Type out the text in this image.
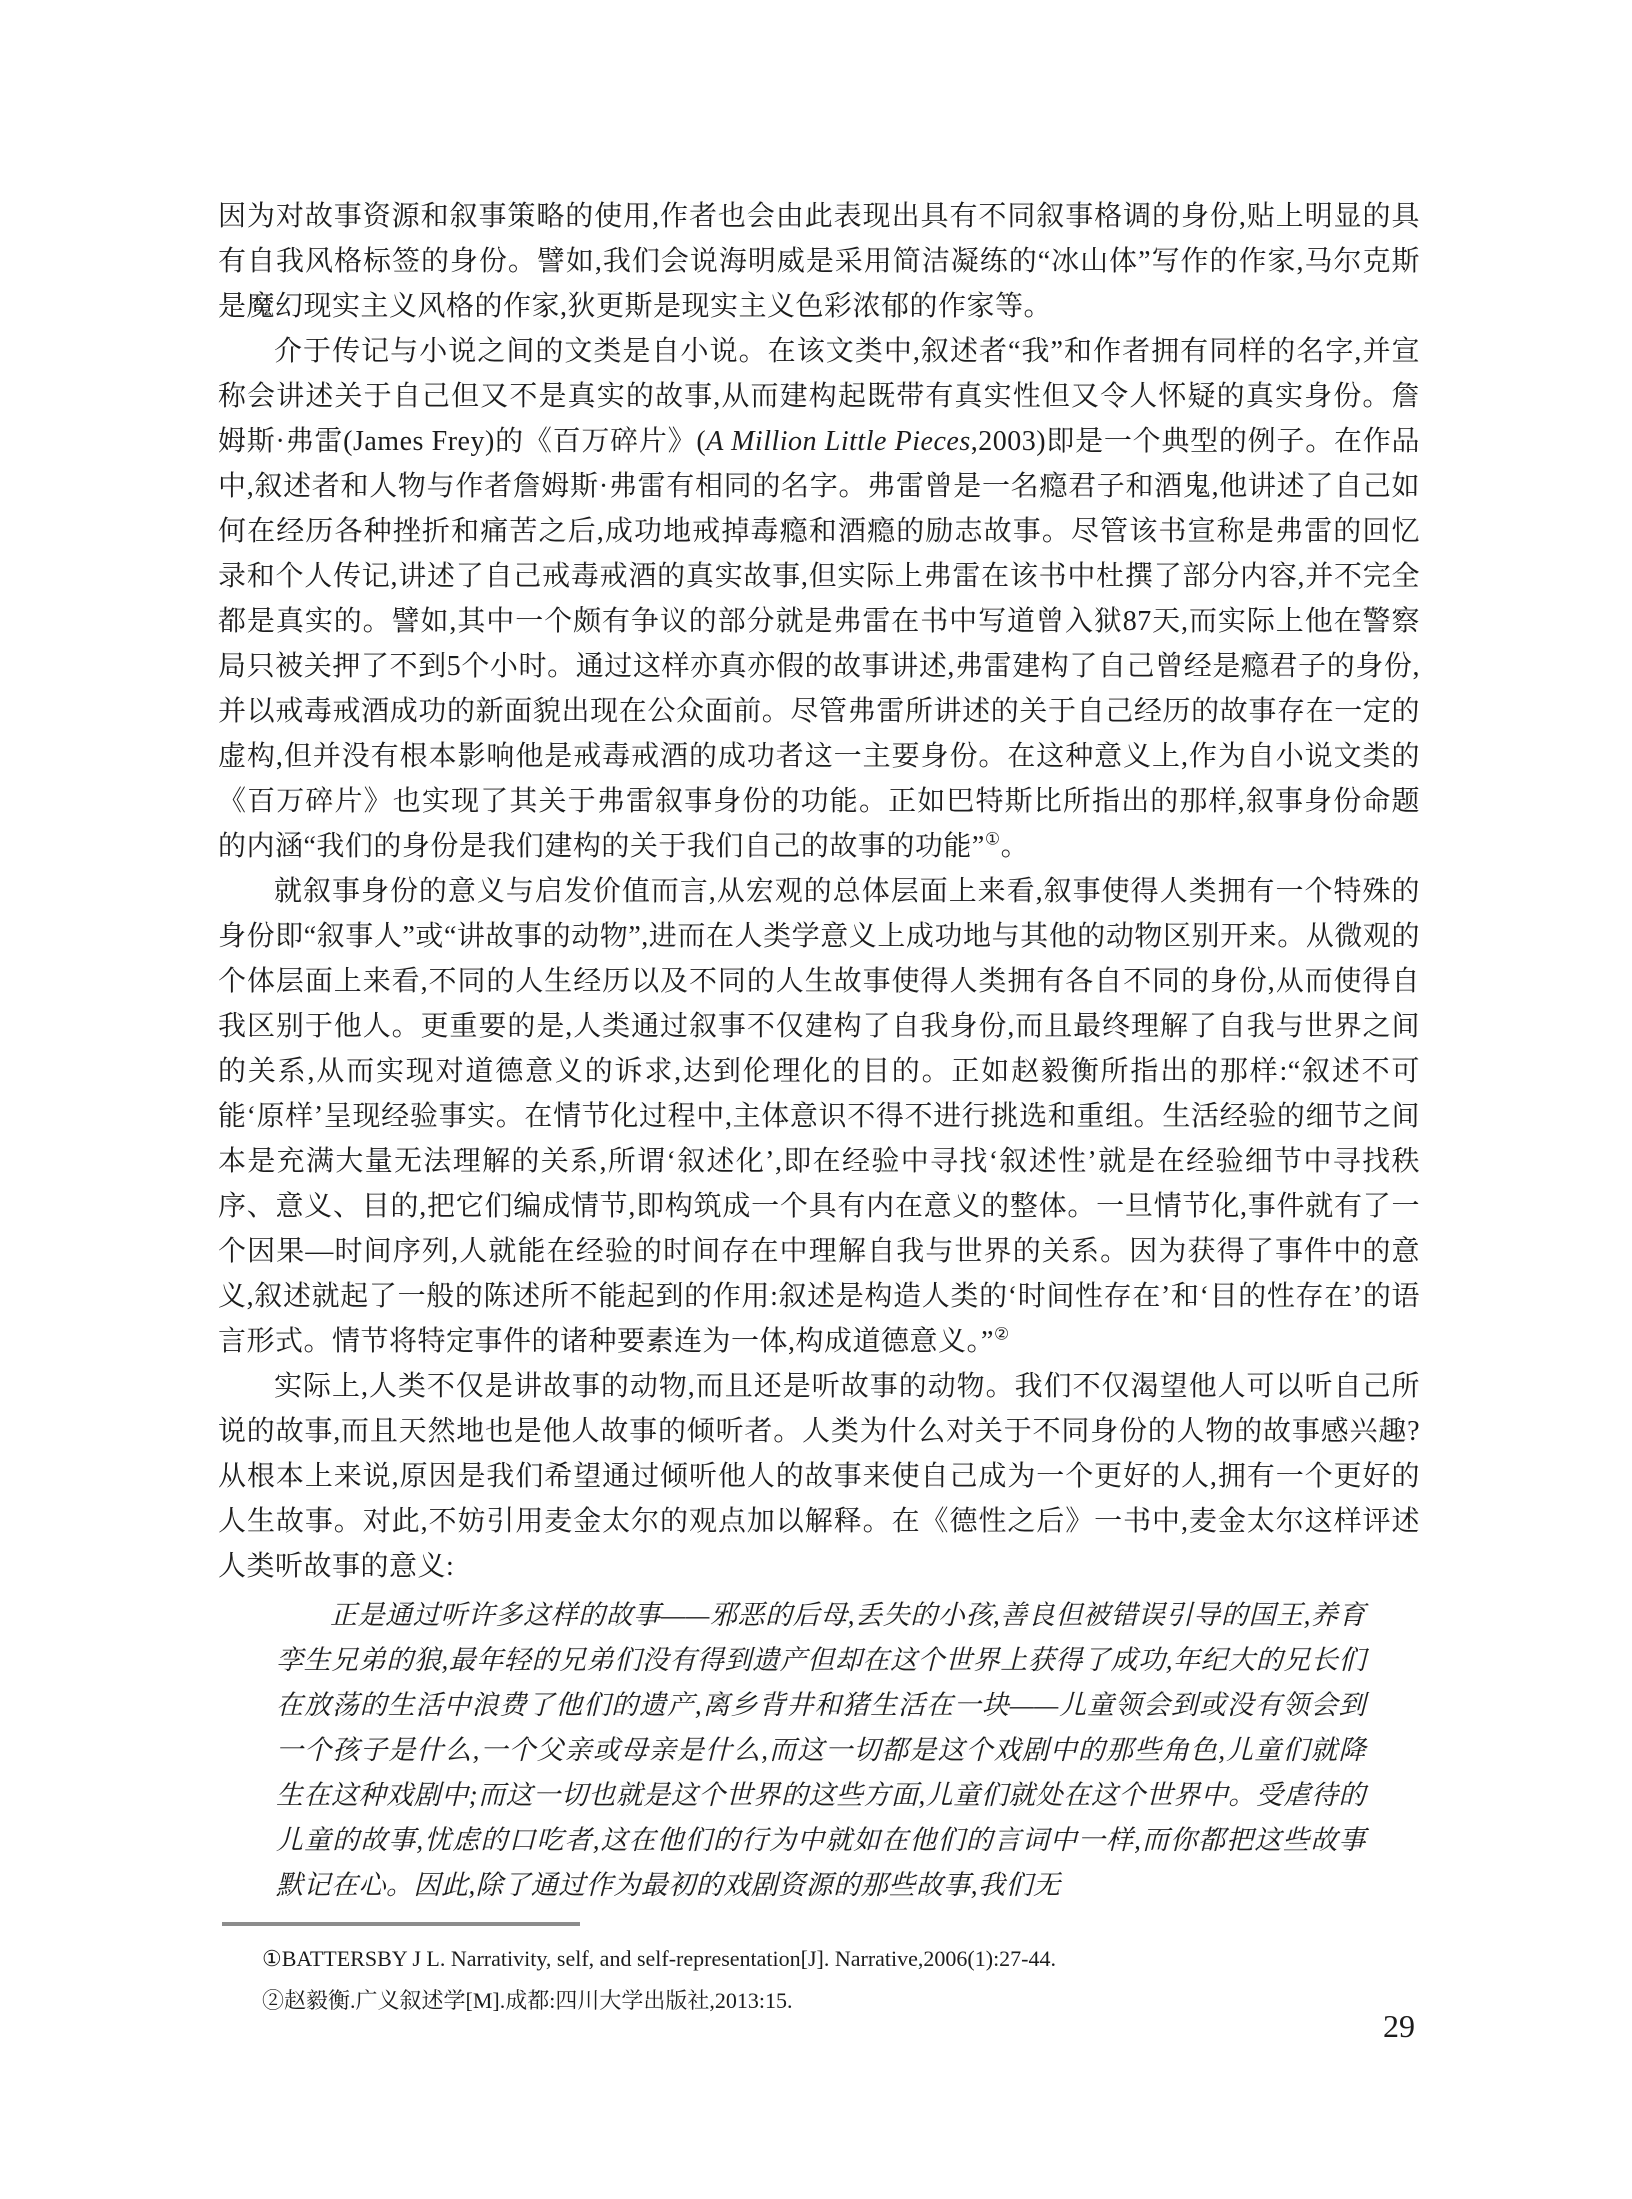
因为对故事资源和叙事策略的使用,作者也会由此表现出具有不同叙事格调的身份,贴上明显的具有自我风格标签的身份。譬如,我们会说海明威是采用简洁凝练的“冰山体”写作的作家,马尔克斯是魔幻现实主义风格的作家,狄更斯是现实主义色彩浓郁的作家等。

介于传记与小说之间的文类是自小说。在该文类中,叙述者“我”和作者拥有同样的名字,并宣称会讲述关于自己但又不是真实的故事,从而建构起既带有真实性但又令人怀疑的真实身份。詹姆斯·弗雷(James Frey)的《百万碎片》(A Million Little Pieces,2003)即是一个典型的例子。在作品中,叙述者和人物与作者詹姆斯·弗雷有相同的名字。弗雷曾是一名瘾君子和酒鬼,他讲述了自己如何在经历各种挫折和痛苦之后,成功地戒掉毒瘾和酒瘾的励志故事。尽管该书宣称是弗雷的回忆录和个人传记,讲述了自己戒毒戒酒的真实故事,但实际上弗雷在该书中杜撰了部分内容,并不完全都是真实的。譬如,其中一个颇有争议的部分就是弗雷在书中写道曾入狱87天,而实际上他在警察局只被关押了不到5个小时。通过这样亦真亦假的故事讲述,弗雷建构了自己曾经是瘾君子的身份,并以戒毒戒酒成功的新面貌出现在公众面前。尽管弗雷所讲述的关于自己经历的故事存在一定的虚构,但并没有根本影响他是戒毒戒酒的成功者这一主要身份。在这种意义上,作为自小说文类的《百万碎片》也实现了其关于弗雷叙事身份的功能。正如巴特斯比所指出的那样,叙事身份命题的内涵“我们的身份是我们建构的关于我们自己的故事的功能”①。

就叙事身份的意义与启发价值而言,从宏观的总体层面上来看,叙事使得人类拥有一个特殊的身份即“叙事人”或“讲故事的动物”,进而在人类学意义上成功地与其他的动物区别开来。从微观的个体层面上来看,不同的人生经历以及不同的人生故事使得人类拥有各自不同的身份,从而使得自我区别于他人。更重要的是,人类通过叙事不仅建构了自我身份,而且最终理解了自我与世界之间的关系,从而实现对道德意义的诉求,达到伦理化的目的。正如赵毅衡所指出的那样:“叙述不可能‘原样’呈现经验事实。在情节化过程中,主体意识不得不进行挑选和重组。生活经验的细节之间本是充满大量无法理解的关系,所谓‘叙述化’,即在经验中寻找‘叙述性’就是在经验细节中寻找秩序、意义、目的,把它们编成情节,即构筑成一个具有内在意义的整体。一旦情节化,事件就有了一个因果—时间序列,人就能在经验的时间存在中理解自我与世界的关系。因为获得了事件中的意义,叙述就起了一般的陈述所不能起到的作用:叙述是构造人类的‘时间性存在’和‘目的性存在’的语言形式。情节将特定事件的诸种要素连为一体,构成道德意义。”②

实际上,人类不仅是讲故事的动物,而且还是听故事的动物。我们不仅渴望他人可以听自己所说的故事,而且天然地也是他人故事的倾听者。人类为什么对关于不同身份的人物的故事感兴趣?从根本上来说,原因是我们希望通过倾听他人的故事来使自己成为一个更好的人,拥有一个更好的人生故事。对此,不妨引用麦金太尔的观点加以解释。在《德性之后》一书中,麦金太尔这样评述人类听故事的意义:

正是通过听许多这样的故事——邪恶的后母,丢失的小孩,善良但被错误引导的国王,养育孪生兄弟的狼,最年轻的兄弟们没有得到遗产但却在这个世界上获得了成功,年纪大的兄长们在放荡的生活中浪费了他们的遗产,离乡背井和猪生活在一块——儿童领会到或没有领会到一个孩子是什么,一个父亲或母亲是什么,而这一切都是这个戏剧中的那些角色,儿童们就降生在这种戏剧中;而这一切也就是这个世界的这些方面,儿童们就处在这个世界中。受虐待的儿童的故事,忧虑的口吃者,这在他们的行为中就如在他们的言词中一样,而你都把这些故事默记在心。因此,除了通过作为最初的戏剧资源的那些故事,我们无

①BATTERSBY J L. Narrativity, self, and self-representation[J]. Narrative,2006(1):27-44.

②赵毅衡.广义叙述学[M].成都:四川大学出版社,2013:15.

29
